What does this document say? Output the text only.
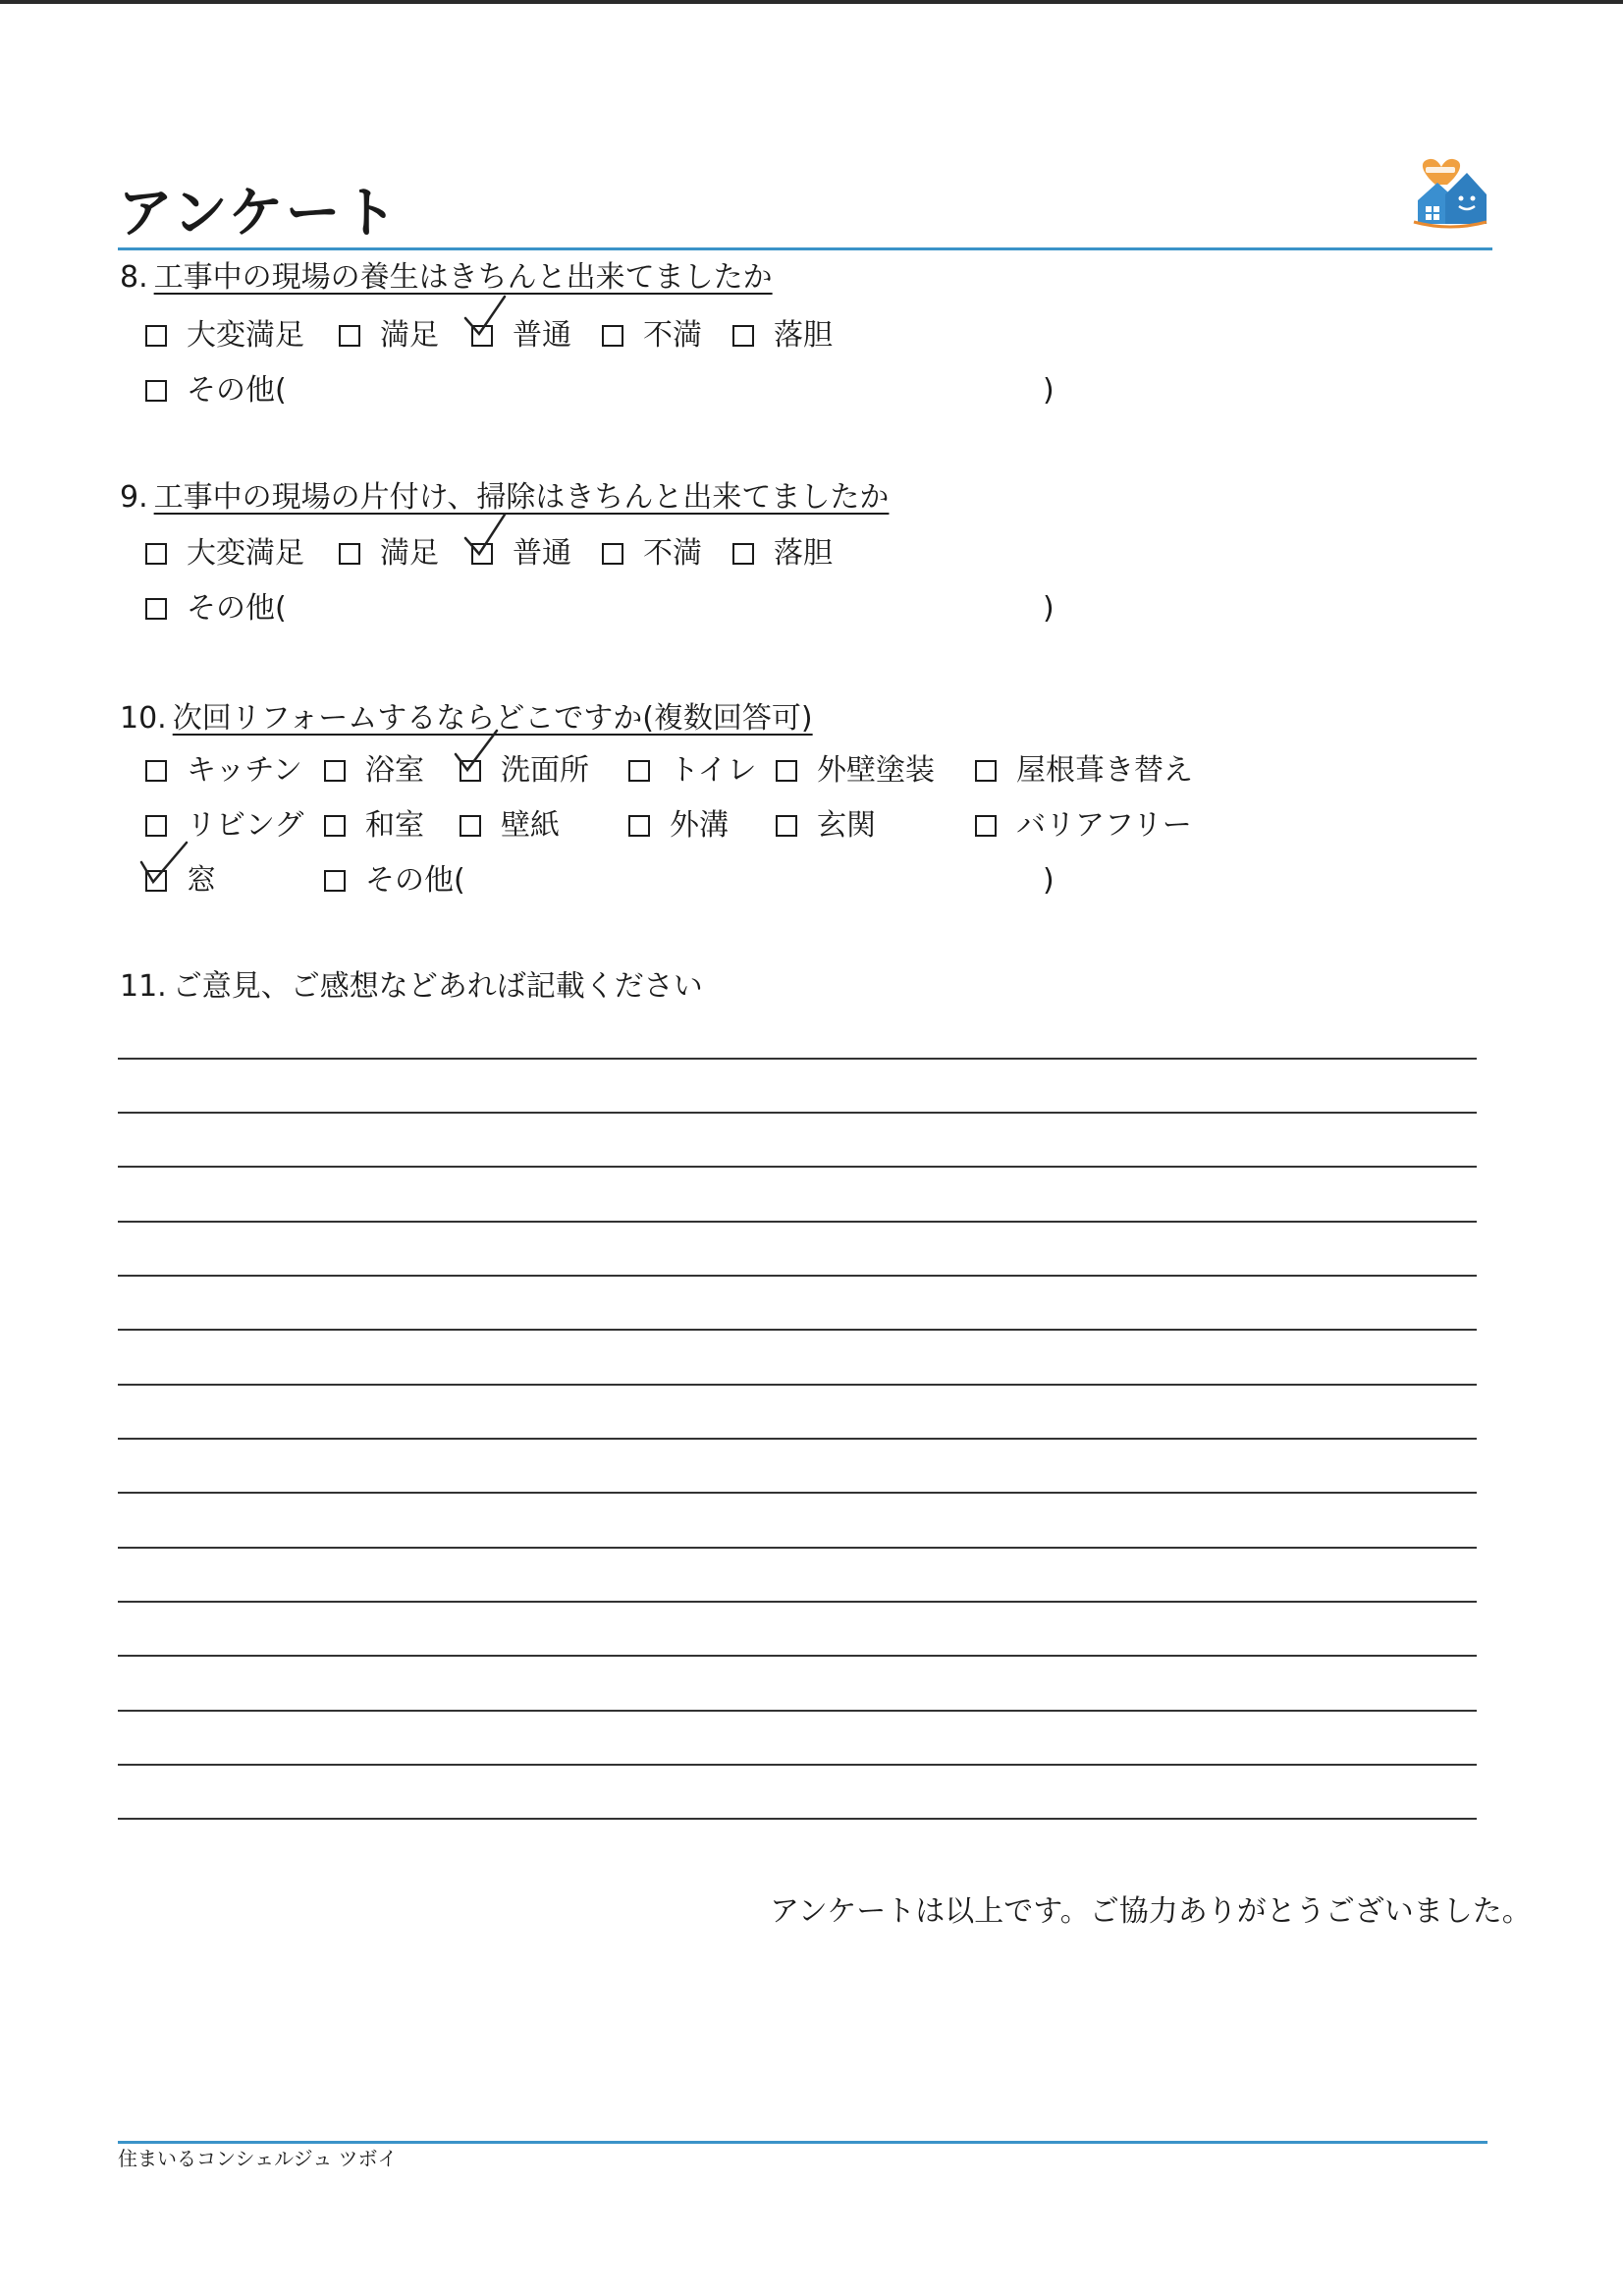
アンケート
8. 工事中の現場の養生はきちんと出来てましたか
大変満足	満足	普通 不満 落胆
その他(	)
9. 工事中の現場の片付け、掃除はきちんと出来てましたか
大変満足	満足	普通 不満 落胆
その他(	)
10. 次回リフォームするならどこですか(複数回答可)
キッチン 浴室	洗面所	トイレ 外壁塗装	屋根葺き替え
リビング 和室	壁紙	外溝	玄関	バリアフリー
窓	その他(	)
11. ご意見、ご感想などあれば記載ください
アンケートは以上です。ご協力ありがとうございました。
住まいるコンシェルジュ ツボイ
